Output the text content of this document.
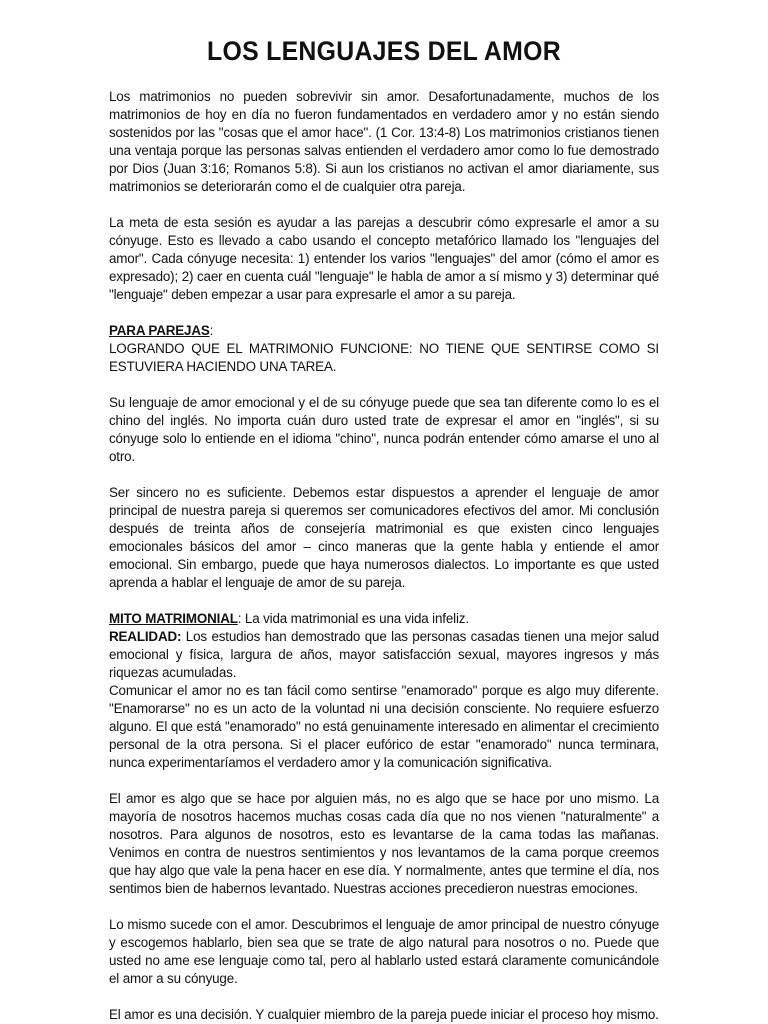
LOS LENGUAJES DEL AMOR

Los matrimonios no pueden sobrevivir sin amor. Desafortunadamente, muchos de los matrimonios de hoy en día no fueron fundamentados en verdadero amor y no están siendo sostenidos por las "cosas que el amor hace". (1 Cor. 13:4-8) Los matrimonios cristianos tienen una ventaja porque las personas salvas entienden el verdadero amor como lo fue demostrado por Dios (Juan 3:16; Romanos 5:8). Si aun los cristianos no activan el amor diariamente, sus matrimonios se deteriorarán como el de cualquier otra pareja.

La meta de esta sesión es ayudar a las parejas a descubrir cómo expresarle el amor a su cónyuge. Esto es llevado a cabo usando el concepto metafórico llamado los "lenguajes del amor". Cada cónyuge necesita: 1) entender los varios "lenguajes" del amor (cómo el amor es expresado); 2) caer en cuenta cuál "lenguaje" le habla de amor a sí mismo y 3) determinar qué "lenguaje" deben empezar a usar para expresarle el amor a su pareja.

PARA PAREJAS:

LOGRANDO QUE EL MATRIMONIO FUNCIONE: NO TIENE QUE SENTIRSE COMO SI ESTUVIERA HACIENDO UNA TAREA.

Su lenguaje de amor emocional y el de su cónyuge puede que sea tan diferente como lo es el chino del inglés. No importa cuán duro usted trate de expresar el amor en "inglés", si su cónyuge solo lo entiende en el idioma "chino", nunca podrán entender cómo amarse el uno al otro.

Ser sincero no es suficiente. Debemos estar dispuestos a aprender el lenguaje de amor principal de nuestra pareja si queremos ser comunicadores efectivos del amor. Mi conclusión después de treinta años de consejería matrimonial es que existen cinco lenguajes emocionales básicos del amor – cinco maneras que la gente habla y entiende el amor emocional. Sin embargo, puede que haya numerosos dialectos. Lo importante es que usted aprenda a hablar el lenguaje de amor de su pareja.

MITO MATRIMONIAL: La vida matrimonial es una vida infeliz.

REALIDAD: Los estudios han demostrado que las personas casadas tienen una mejor salud emocional y física, largura de años, mayor satisfacción sexual, mayores ingresos y más riquezas acumuladas.

Comunicar el amor no es tan fácil como sentirse "enamorado" porque es algo muy diferente. "Enamorarse" no es un acto de la voluntad ni una decisión consciente. No requiere esfuerzo alguno. El que está "enamorado" no está genuinamente interesado en alimentar el crecimiento personal de la otra persona. Si el placer eufórico de estar "enamorado" nunca terminara, nunca experimentaríamos el verdadero amor y la comunicación significativa.

El amor es algo que se hace por alguien más, no es algo que se hace por uno mismo. La mayoría de nosotros hacemos muchas cosas cada día que no nos vienen "naturalmente" a nosotros. Para algunos de nosotros, esto es levantarse de la cama todas las mañanas. Venimos en contra de nuestros sentimientos y nos levantamos de la cama porque creemos que hay algo que vale la pena hacer en ese día. Y normalmente, antes que termine el día, nos sentimos bien de habernos levantado. Nuestras acciones precedieron nuestras emociones.

Lo mismo sucede con el amor. Descubrimos el lenguaje de amor principal de nuestro cónyuge y escogemos hablarlo, bien sea que se trate de algo natural para nosotros o no. Puede que usted no ame ese lenguaje como tal, pero al hablarlo usted estará claramente comunicándole el amor a su cónyuge.

El amor es una decisión. Y cualquier miembro de la pareja puede iniciar el proceso hoy mismo.
